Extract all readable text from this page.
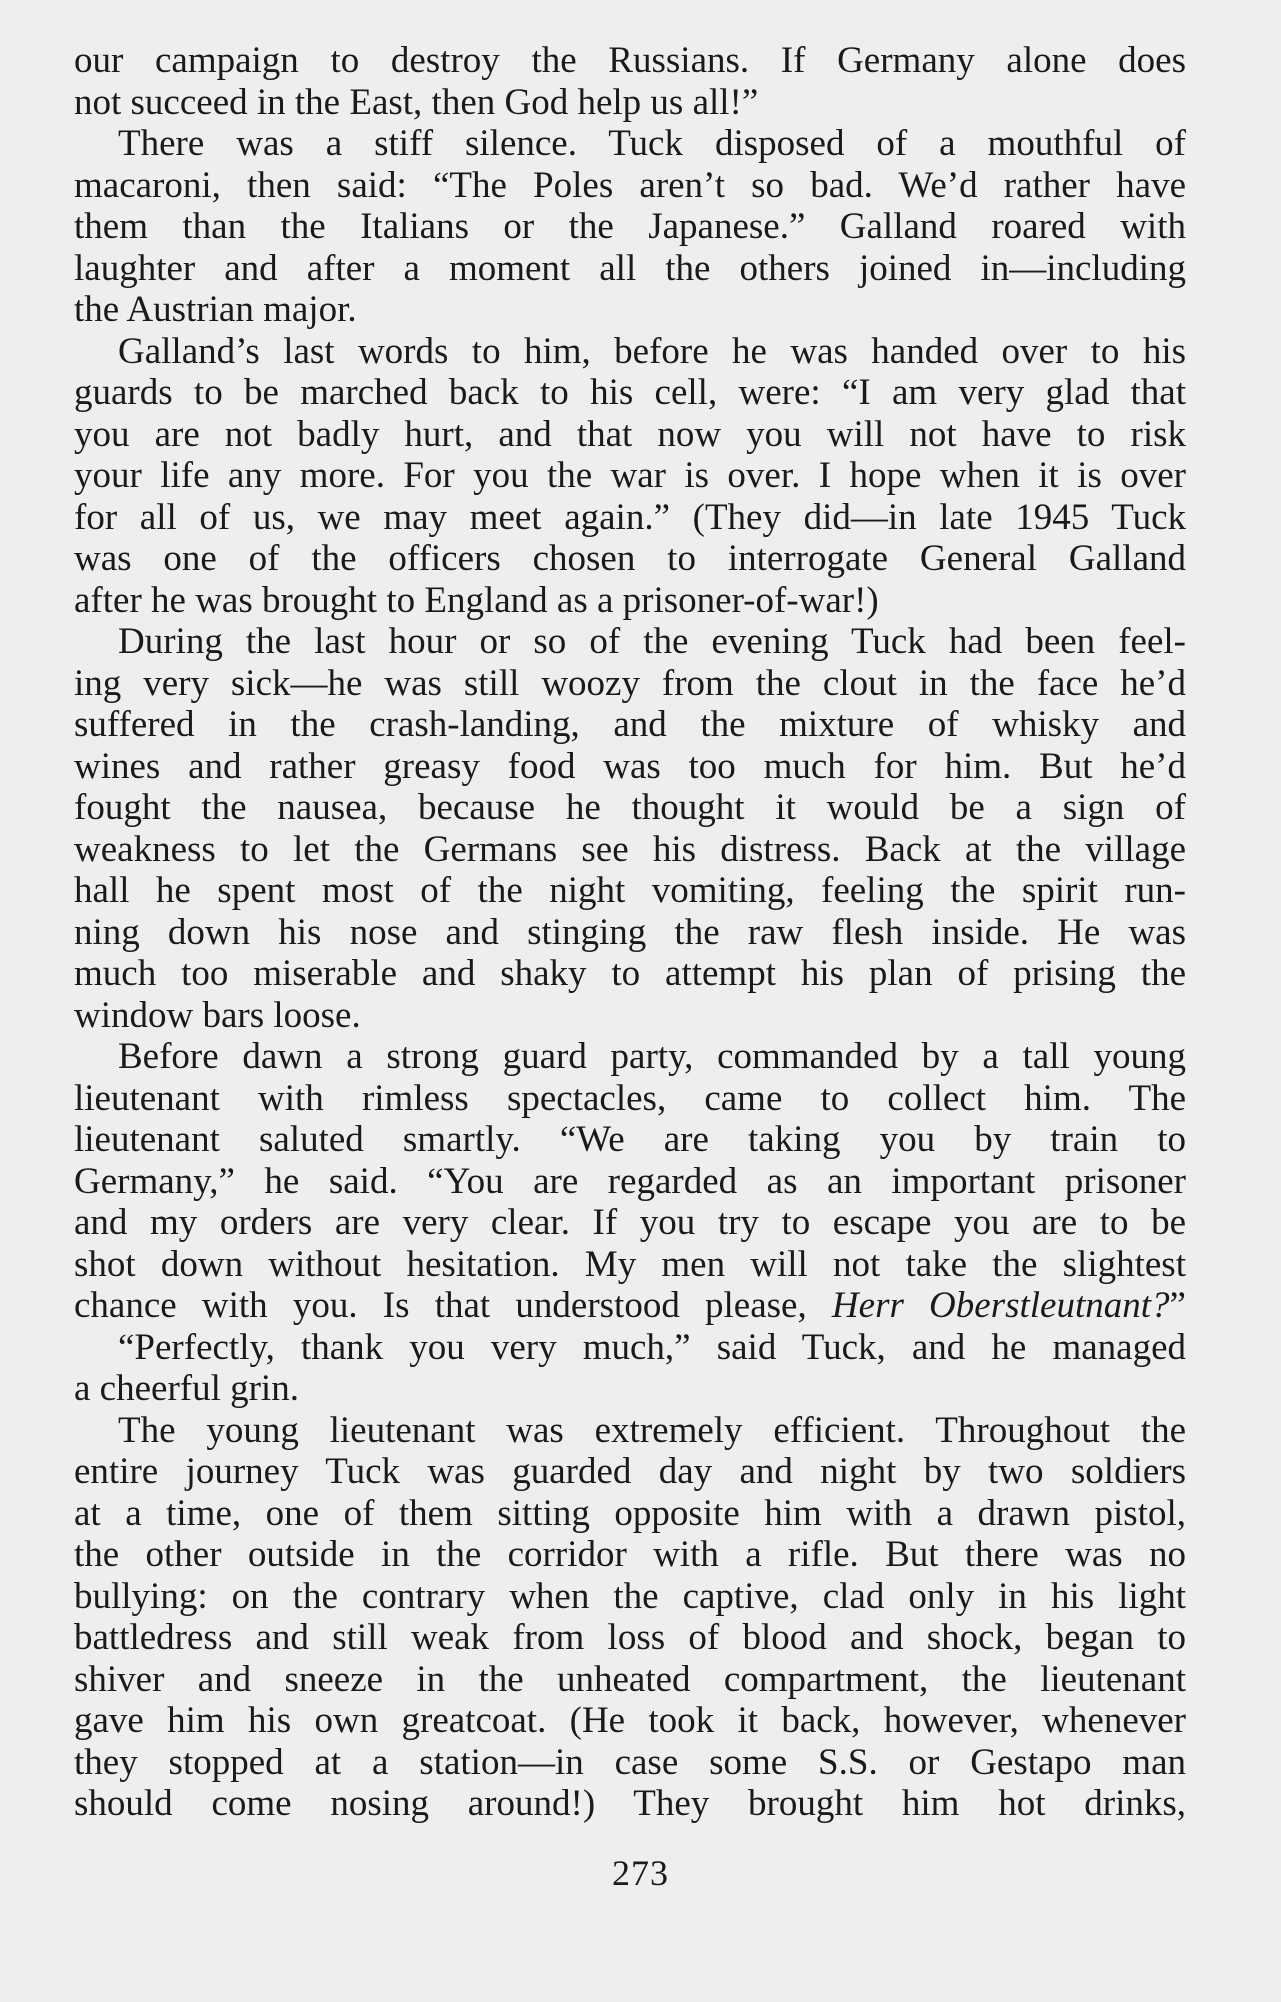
our campaign to destroy the Russians. If Germany alone does
not succeed in the East, then God help us all!”
There was a stiff silence. Tuck disposed of a mouthful of
macaroni, then said: “The Poles aren’t so bad. We’d rather have
them than the Italians or the Japanese.” Galland roared with
laughter and after a moment all the others joined in—including
the Austrian major.
Galland’s last words to him, before he was handed over to his
guards to be marched back to his cell, were: “I am very glad that
you are not badly hurt, and that now you will not have to risk
your life any more. For you the war is over. I hope when it is over
for all of us, we may meet again.” (They did—in late 1945 Tuck
was one of the officers chosen to interrogate General Galland
after he was brought to England as a prisoner-of-war!)
During the last hour or so of the evening Tuck had been feel-
ing very sick—he was still woozy from the clout in the face he’d
suffered in the crash-landing, and the mixture of whisky and
wines and rather greasy food was too much for him. But he’d
fought the nausea, because he thought it would be a sign of
weakness to let the Germans see his distress. Back at the village
hall he spent most of the night vomiting, feeling the spirit run-
ning down his nose and stinging the raw flesh inside. He was
much too miserable and shaky to attempt his plan of prising the
window bars loose.
Before dawn a strong guard party, commanded by a tall young
lieutenant with rimless spectacles, came to collect him. The
lieutenant saluted smartly. “We are taking you by train to
Germany,” he said. “You are regarded as an important prisoner
and my orders are very clear. If you try to escape you are to be
shot down without hesitation. My men will not take the slightest
chance with you. Is that understood please, Herr Oberstleutnant?”
“Perfectly, thank you very much,” said Tuck, and he managed
a cheerful grin.
The young lieutenant was extremely efficient. Throughout the
entire journey Tuck was guarded day and night by two soldiers
at a time, one of them sitting opposite him with a drawn pistol,
the other outside in the corridor with a rifle. But there was no
bullying: on the contrary when the captive, clad only in his light
battledress and still weak from loss of blood and shock, began to
shiver and sneeze in the unheated compartment, the lieutenant
gave him his own greatcoat. (He took it back, however, whenever
they stopped at a station—in case some S.S. or Gestapo man
should come nosing around!) They brought him hot drinks,
273
